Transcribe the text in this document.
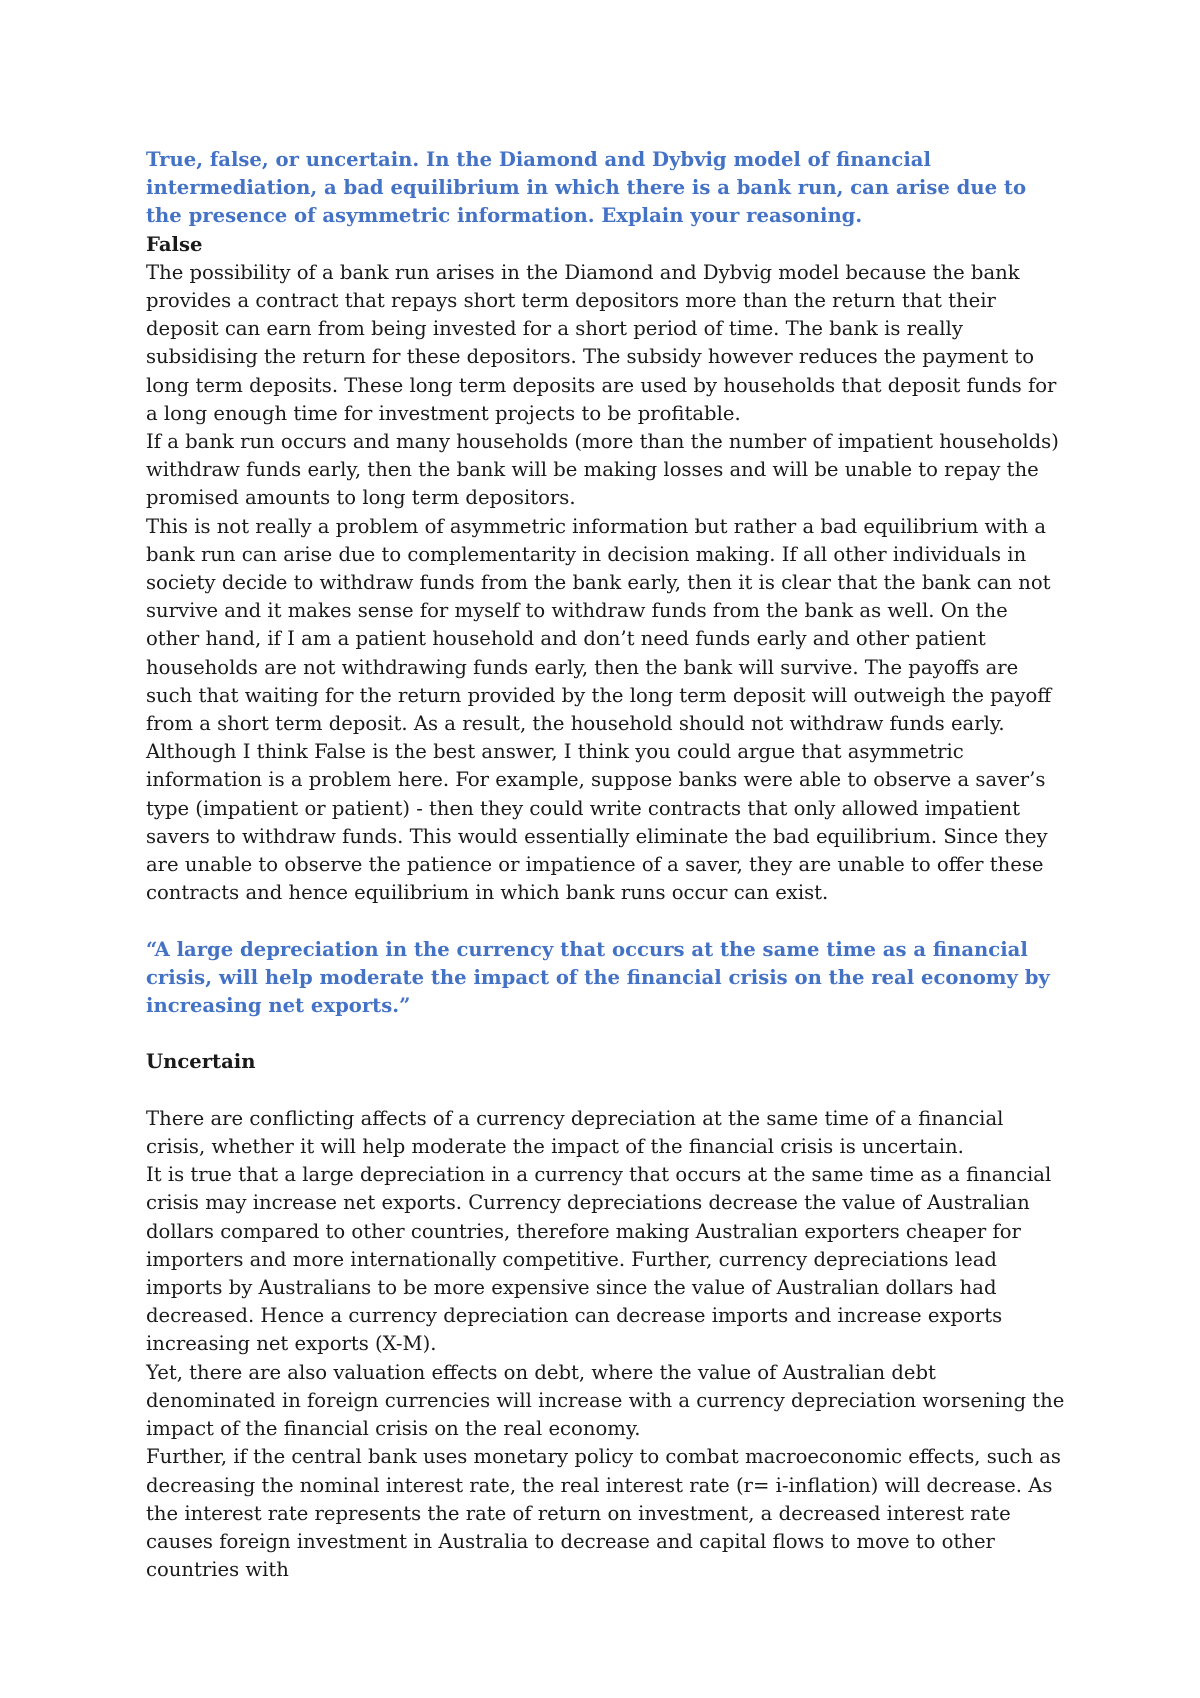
True, false, or uncertain. In the Diamond and Dybvig model of financial intermediation, a bad equilibrium in which there is a bank run, can arise due to the presence of asymmetric information. Explain your reasoning.

False

The possibility of a bank run arises in the Diamond and Dybvig model because the bank provides a contract that repays short term depositors more than the return that their deposit can earn from being invested for a short period of time. The bank is really subsidising the return for these depositors. The subsidy however reduces the payment to long term deposits. These long term deposits are used by households that deposit funds for a long enough time for investment projects to be profitable.

If a bank run occurs and many households (more than the number of impatient households) withdraw funds early, then the bank will be making losses and will be unable to repay the promised amounts to long term depositors.

This is not really a problem of asymmetric information but rather a bad equilibrium with a bank run can arise due to complementarity in decision making. If all other individuals in society decide to withdraw funds from the bank early, then it is clear that the bank can not survive and it makes sense for myself to withdraw funds from the bank as well. On the other hand, if I am a patient household and don’t need funds early and other patient households are not withdrawing funds early, then the bank will survive. The payoffs are such that waiting for the return provided by the long term deposit will outweigh the payoff from a short term deposit. As a result, the household should not withdraw funds early.

Although I think False is the best answer, I think you could argue that asymmetric information is a problem here. For example, suppose banks were able to observe a saver’s type (impatient or patient) - then they could write contracts that only allowed impatient savers to withdraw funds. This would essentially eliminate the bad equilibrium. Since they are unable to observe the patience or impatience of a saver, they are unable to offer these contracts and hence equilibrium in which bank runs occur can exist.

“A large depreciation in the currency that occurs at the same time as a financial crisis, will help moderate the impact of the financial crisis on the real economy by increasing net exports.”

Uncertain

There are conflicting affects of a currency depreciation at the same time of a financial crisis, whether it will help moderate the impact of the financial crisis is uncertain.

It is true that a large depreciation in a currency that occurs at the same time as a financial crisis may increase net exports. Currency depreciations decrease the value of Australian dollars compared to other countries, therefore making Australian exporters cheaper for importers and more internationally competitive. Further, currency depreciations lead imports by Australians to be more expensive since the value of Australian dollars had decreased. Hence a currency depreciation can decrease imports and increase exports increasing net exports (X-M).

Yet, there are also valuation effects on debt, where the value of Australian debt denominated in foreign currencies will increase with a currency depreciation worsening the impact of the financial crisis on the real economy.

Further, if the central bank uses monetary policy to combat macroeconomic effects, such as decreasing the nominal interest rate, the real interest rate (r= i-inflation) will decrease. As the interest rate represents the rate of return on investment, a decreased interest rate causes foreign investment in Australia to decrease and capital flows to move to other countries with
